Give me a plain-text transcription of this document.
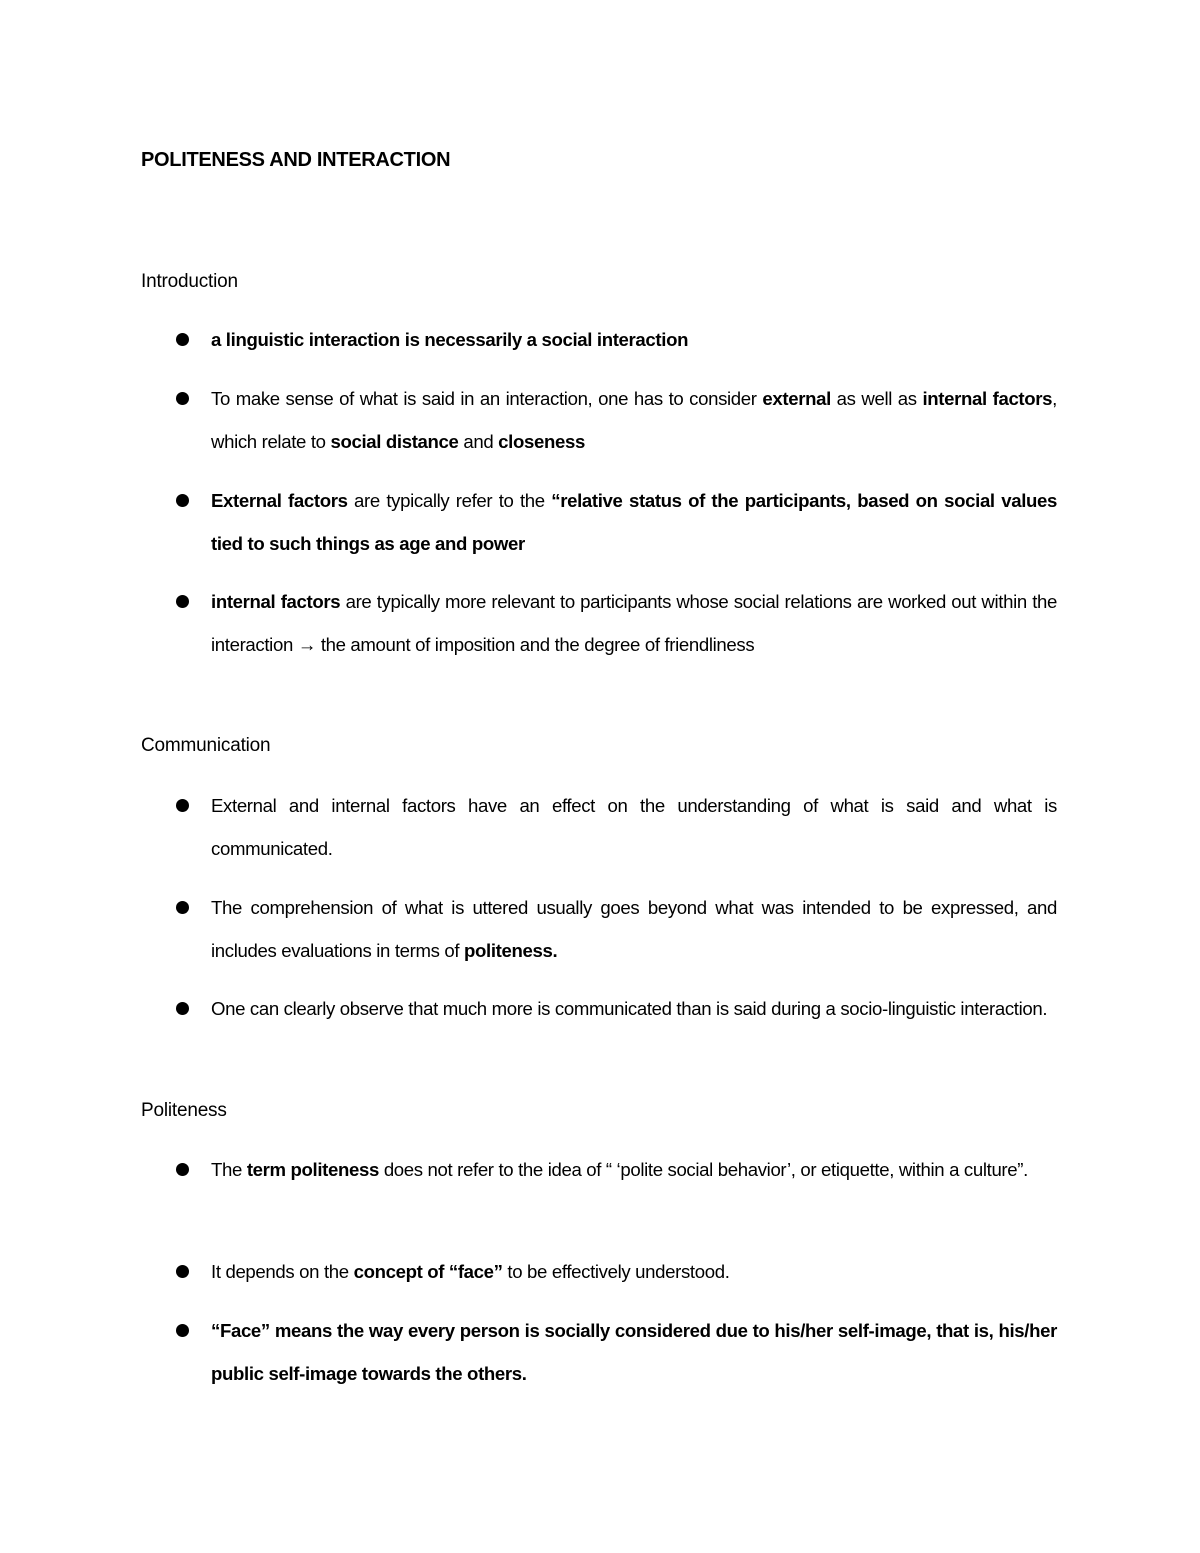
POLITENESS AND INTERACTION
Introduction
a linguistic interaction is necessarily a social interaction
To make sense of what is said in an interaction, one has to consider external as well as internal factors, which relate to social distance and closeness
External factors are typically refer to the “relative status of the participants, based on social values tied to such things as age and power
internal factors are typically more relevant to participants whose social relations are worked out within the interaction → the amount of imposition and the degree of friendliness
Communication
External and internal factors have an effect on the understanding of what is said and what is communicated.
The comprehension of what is uttered usually goes beyond what was intended to be expressed, and includes evaluations in terms of politeness.
One can clearly observe that much more is communicated than is said during a socio-linguistic interaction.
Politeness
The term politeness does not refer to the idea of “ ‘polite social behavior’, or etiquette, within a culture”.
It depends on the concept of “face” to be effectively understood.
“Face” means the way every person is socially considered due to his/her self-image, that is, his/her public self-image towards the others.
